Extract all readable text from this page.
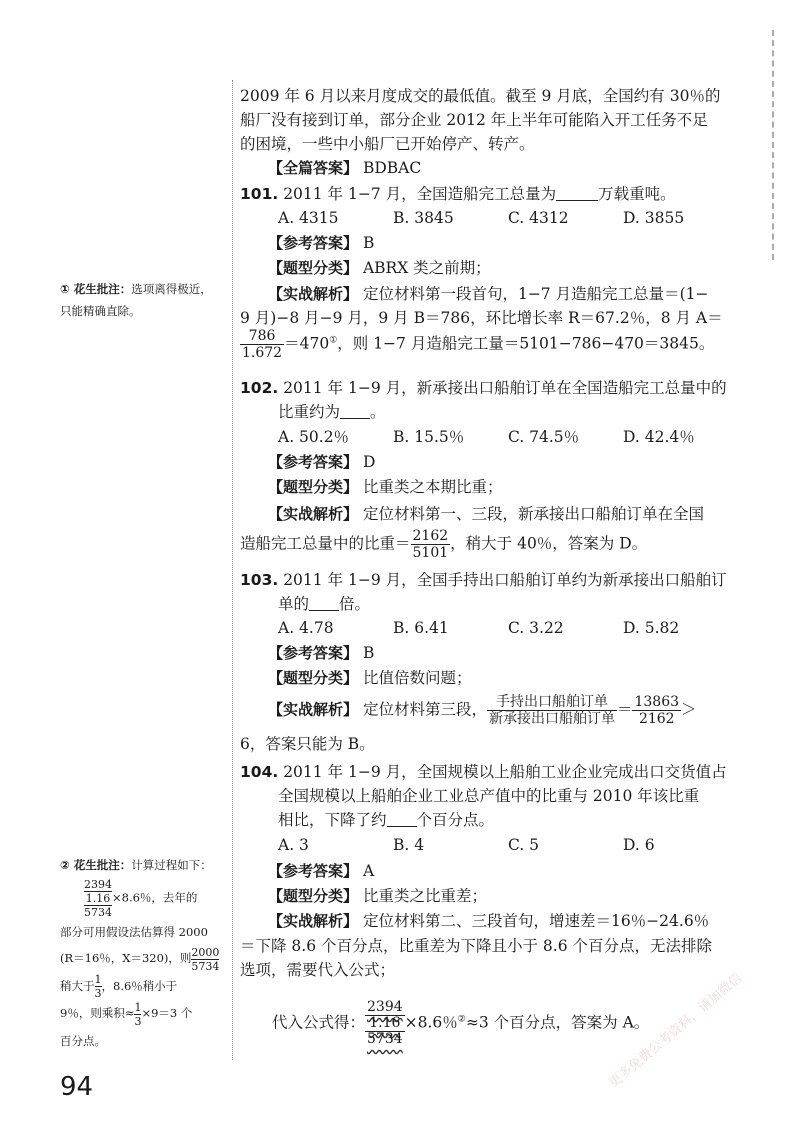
2009 年 6 月以来月度成交的最低值。截至 9 月底，全国约有 30％的
船厂没有接到订单，部分企业 2012 年上半年可能陷入开工任务不足
的困境，一些中小船厂已开始停产、转产。
【全篇答案】 BDBAC
101. 2011 年 1−7 月，全国造船完工总量为	万载重吨。
A. 4315	B. 3845	C. 4312	D. 3855
【参考答案】 B
【题型分类】 ABRX 类之前期；
【实战解析】 定位材料第一段首句，1−7 月造船完工总量＝(1−
9 月)−8 月−9 月，9 月 B＝786，环比增长率 R＝67.2％，8 月 A＝
$\frac{786}{1.672} =470^①$，则 1−7 月造船完工量＝5101−786−470＝3845。
102. 2011 年 1−9 月，新承接出口船舶订单在全国造船完工总量中的
比重约为 。
A. 50.2％	B. 15.5％	C. 74.5％	D. 42.4％
【参考答案】 D
【题型分类】 比重类之本期比重；
【实战解析】 定位材料第一、三段，新承接出口船舶订单在全国
造船完工总量中的比重＝ $\frac{2162}{5101}$ ，稍大于 40％，答案为 D。
103. 2011 年 1−9 月，全国手持出口船舶订单约为新承接出口船舶订
单的 倍。
A. 4.78	B. 6.41	C. 3.22	D. 5.82
【参考答案】 B
【题型分类】 比值倍数问题；
【实战解析】 定位材料第三段， $\frac{\text{手持出口船舶订单}}{\text{新承接出口船舶订单}} = \frac{13863}{2162}$ ＞
6，答案只能为 B。
104. 2011 年 1−9 月，全国规模以上船舶工业企业完成出口交货值占
全国规模以上船舶企业工业总产值中的比重与 2010 年该比重
相比，下降了约 个百分点。
A. 3	B. 4	C. 5	D. 6
【参考答案】 A
【题型分类】 比重类之比重差；
【实战解析】 定位材料第二、三段首句，增速差＝16％−24.6％
＝下降 8.6 个百分点，比重差为下降且小于 8.6 个百分点，无法排除
选项，需要代入公式；
代入公式得：
2394
1.16
5734
×8.6％②≈3 个百分点，答案为 A。
① 花生批注：选项离得极近，
只能精确直除。
② 花生批注：计算过程如下：
2394
1.16
5734×8.6％，去年的
部分可用假设法估算得 2000
(R＝16％，X＝320)，则 $\frac{2000}{5734}$
稍大于 $\frac{1}{3}$，8.6％稍小于
9％，则乘积≈ $\frac{1}{3}\times 9=3$ 个
百分点。	更多免费公考资料，请加微信
94
